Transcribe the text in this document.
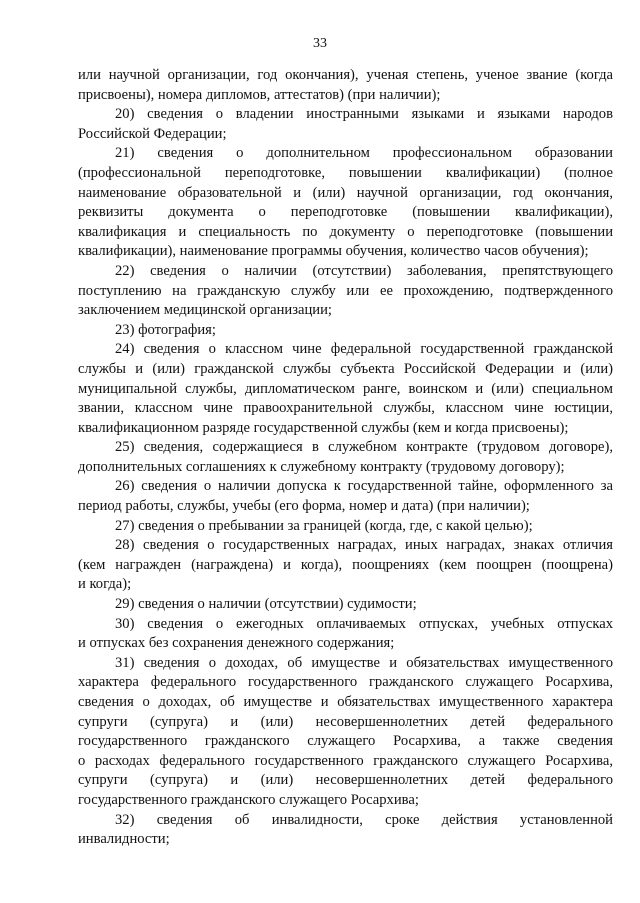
33
или научной организации, год окончания), ученая степень, ученое звание (когда
присвоены), номера дипломов, аттестатов) (при наличии);
20) сведения о владении иностранными языками и языками народов
Российской Федерации;
21) сведения о дополнительном профессиональном образовании
(профессиональной переподготовке, повышении квалификации) (полное
наименование образовательной и (или) научной организации, год окончания,
реквизиты документа о переподготовке (повышении квалификации),
квалификация и специальность по документу о переподготовке (повышении
квалификации), наименование программы обучения, количество часов обучения);
22) сведения о наличии (отсутствии) заболевания, препятствующего
поступлению на гражданскую службу или ее прохождению, подтвержденного
заключением медицинской организации;
23) фотография;
24) сведения о классном чине федеральной государственной гражданской
службы и (или) гражданской службы субъекта Российской Федерации и (или)
муниципальной службы, дипломатическом ранге, воинском и (или) специальном
звании, классном чине правоохранительной службы, классном чине юстиции,
квалификационном разряде государственной службы (кем и когда присвоены);
25) сведения, содержащиеся в служебном контракте (трудовом договоре),
дополнительных соглашениях к служебному контракту (трудовому договору);
26) сведения о наличии допуска к государственной тайне, оформленного за
период работы, службы, учебы (его форма, номер и дата) (при наличии);
27) сведения о пребывании за границей (когда, где, с какой целью);
28) сведения о государственных наградах, иных наградах, знаках отличия
(кем награжден (награждена) и когда), поощрениях (кем поощрен (поощрена)
и когда);
29) сведения о наличии (отсутствии) судимости;
30) сведения о ежегодных оплачиваемых отпусках, учебных отпусках
и отпусках без сохранения денежного содержания;
31) сведения о доходах, об имуществе и обязательствах имущественного
характера федерального государственного гражданского служащего Росархива,
сведения о доходах, об имуществе и обязательствах имущественного характера
супруги (супруга) и (или) несовершеннолетних детей федерального
государственного гражданского служащего Росархива, а также сведения
о расходах федерального государственного гражданского служащего Росархива,
супруги (супруга) и (или) несовершеннолетних детей федерального
государственного гражданского служащего Росархива;
32) сведения об инвалидности, сроке действия установленной
инвалидности;
